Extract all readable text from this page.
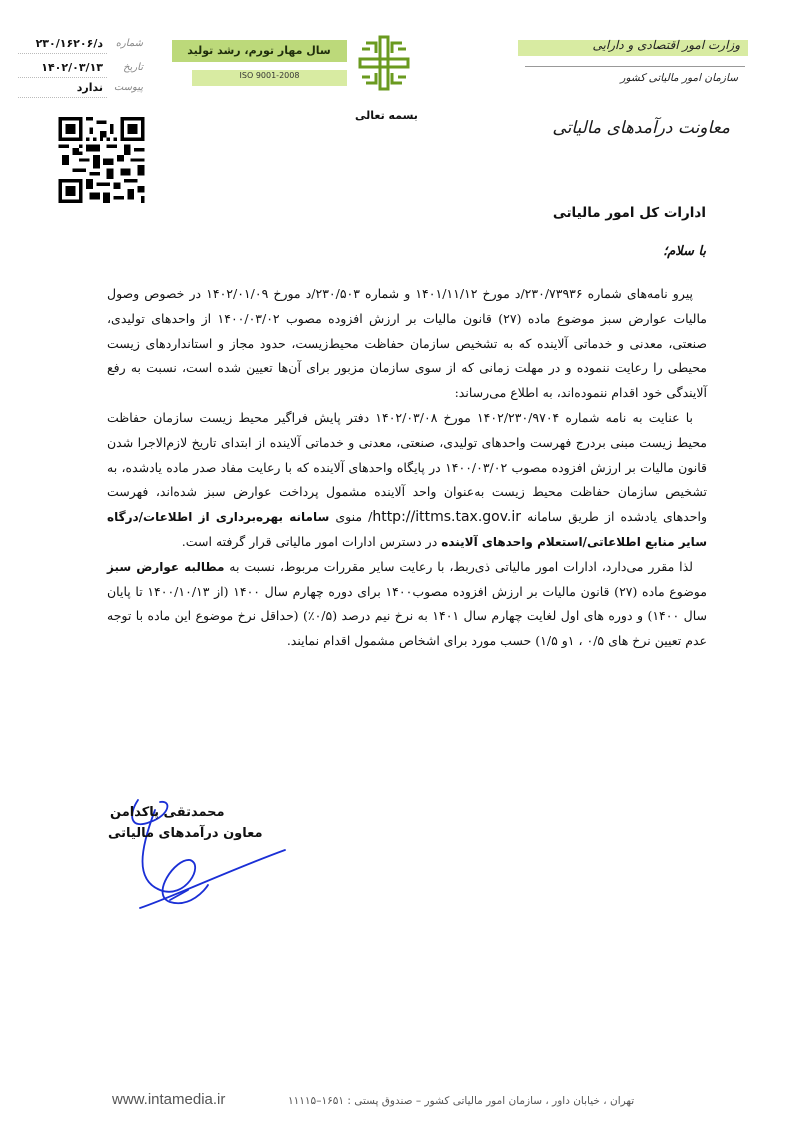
وزارت امور اقتصادی و دارایی
سازمان امور مالیاتی کشور
معاونت درآمدهای مالیاتی
سال مهار تورم، رشد تولید
ISO 9001-2008
بسمه تعالی
شماره
د/۲۳۰/۱۶۲۰۶
تاریخ
۱۴۰۲/۰۳/۱۳
پیوست
ندارد
ادارات کل امور مالیاتی
با سلام؛

پیرو نامه‌های شماره ۲۳۰/۷۳۹۳۶/د مورخ ۱۴۰۱/۱۱/۱۲ و شماره ۲۳۰/۵۰۳/د مورخ ۱۴۰۲/۰۱/۰۹ در خصوص وصول مالیات عوارض سبز موضوع ماده (۲۷) قانون مالیات بر ارزش افزوده مصوب ۱۴۰۰/۰۳/۰۲ از واحدهای تولیدی، صنعتی، معدنی و خدماتی آلاینده که به تشخیص سازمان حفاظت محیط‌زیست، حدود مجاز و استانداردهای زیست محیطی را رعایت ننموده و در مهلت زمانی که از سوی سازمان مزبور برای آن‌ها تعیین شده است، نسبت به رفع آلایندگی خود اقدام ننموده‌اند، به اطلاع می‌رساند:

با عنایت به نامه شماره ۱۴۰۲/۲۳۰/۹۷۰۴ مورخ ۱۴۰۲/۰۳/۰۸ دفتر پایش فراگیر محیط زیست سازمان حفاظت محیط زیست مبنی بردرج فهرست واحدهای تولیدی، صنعتی، معدنی و خدماتی آلاینده از ابتدای تاریخ لازم‌الاجرا شدن قانون مالیات بر ارزش افزوده مصوب ۱۴۰۰/۰۳/۰۲ در پایگاه واحدهای آلاینده که با رعایت مفاد صدر ماده یادشده، به تشخیص سازمان حفاظت محیط زیست به‌عنوان واحد آلاینده مشمول پرداخت عوارض سبز شده‌اند، فهرست واحدهای یادشده از طریق سامانه http://ittms.tax.gov.ir/ منوی سامانه بهره‌برداری از اطلاعات/درگاه سایر منابع اطلاعاتی/استعلام واحدهای آلاینده در دسترس ادارات امور مالیاتی قرار گرفته است.

لذا مقرر می‌دارد، ادارات امور مالیاتی ذی‌ربط، با رعایت سایر مقررات مربوط، نسبت به مطالبه عوارض سبز موضوع ماده (۲۷) قانون مالیات بر ارزش افزوده مصوب۱۴۰۰ برای دوره چهارم سال ۱۴۰۰ (از ۱۴۰۰/۱۰/۱۳ تا پایان سال ۱۴۰۰) و دوره های اول لغایت چهارم سال ۱۴۰۱ به نرخ نیم درصد (۰/۵٪) (حداقل نرخ موضوع این ماده با توجه عدم تعیین نرخ های ۰/۵ ، ۱و ۱/۵) حسب مورد برای اشخاص مشمول اقدام نمایند.

محمدتقی پاکدامن
معاون درآمدهای مالیاتی
www.intamedia.ir	تهران ، خیابان داور ، سازمان امور مالیاتی کشور – صندوق پستی : ۱۶۵۱–۱۱۱۱۵
